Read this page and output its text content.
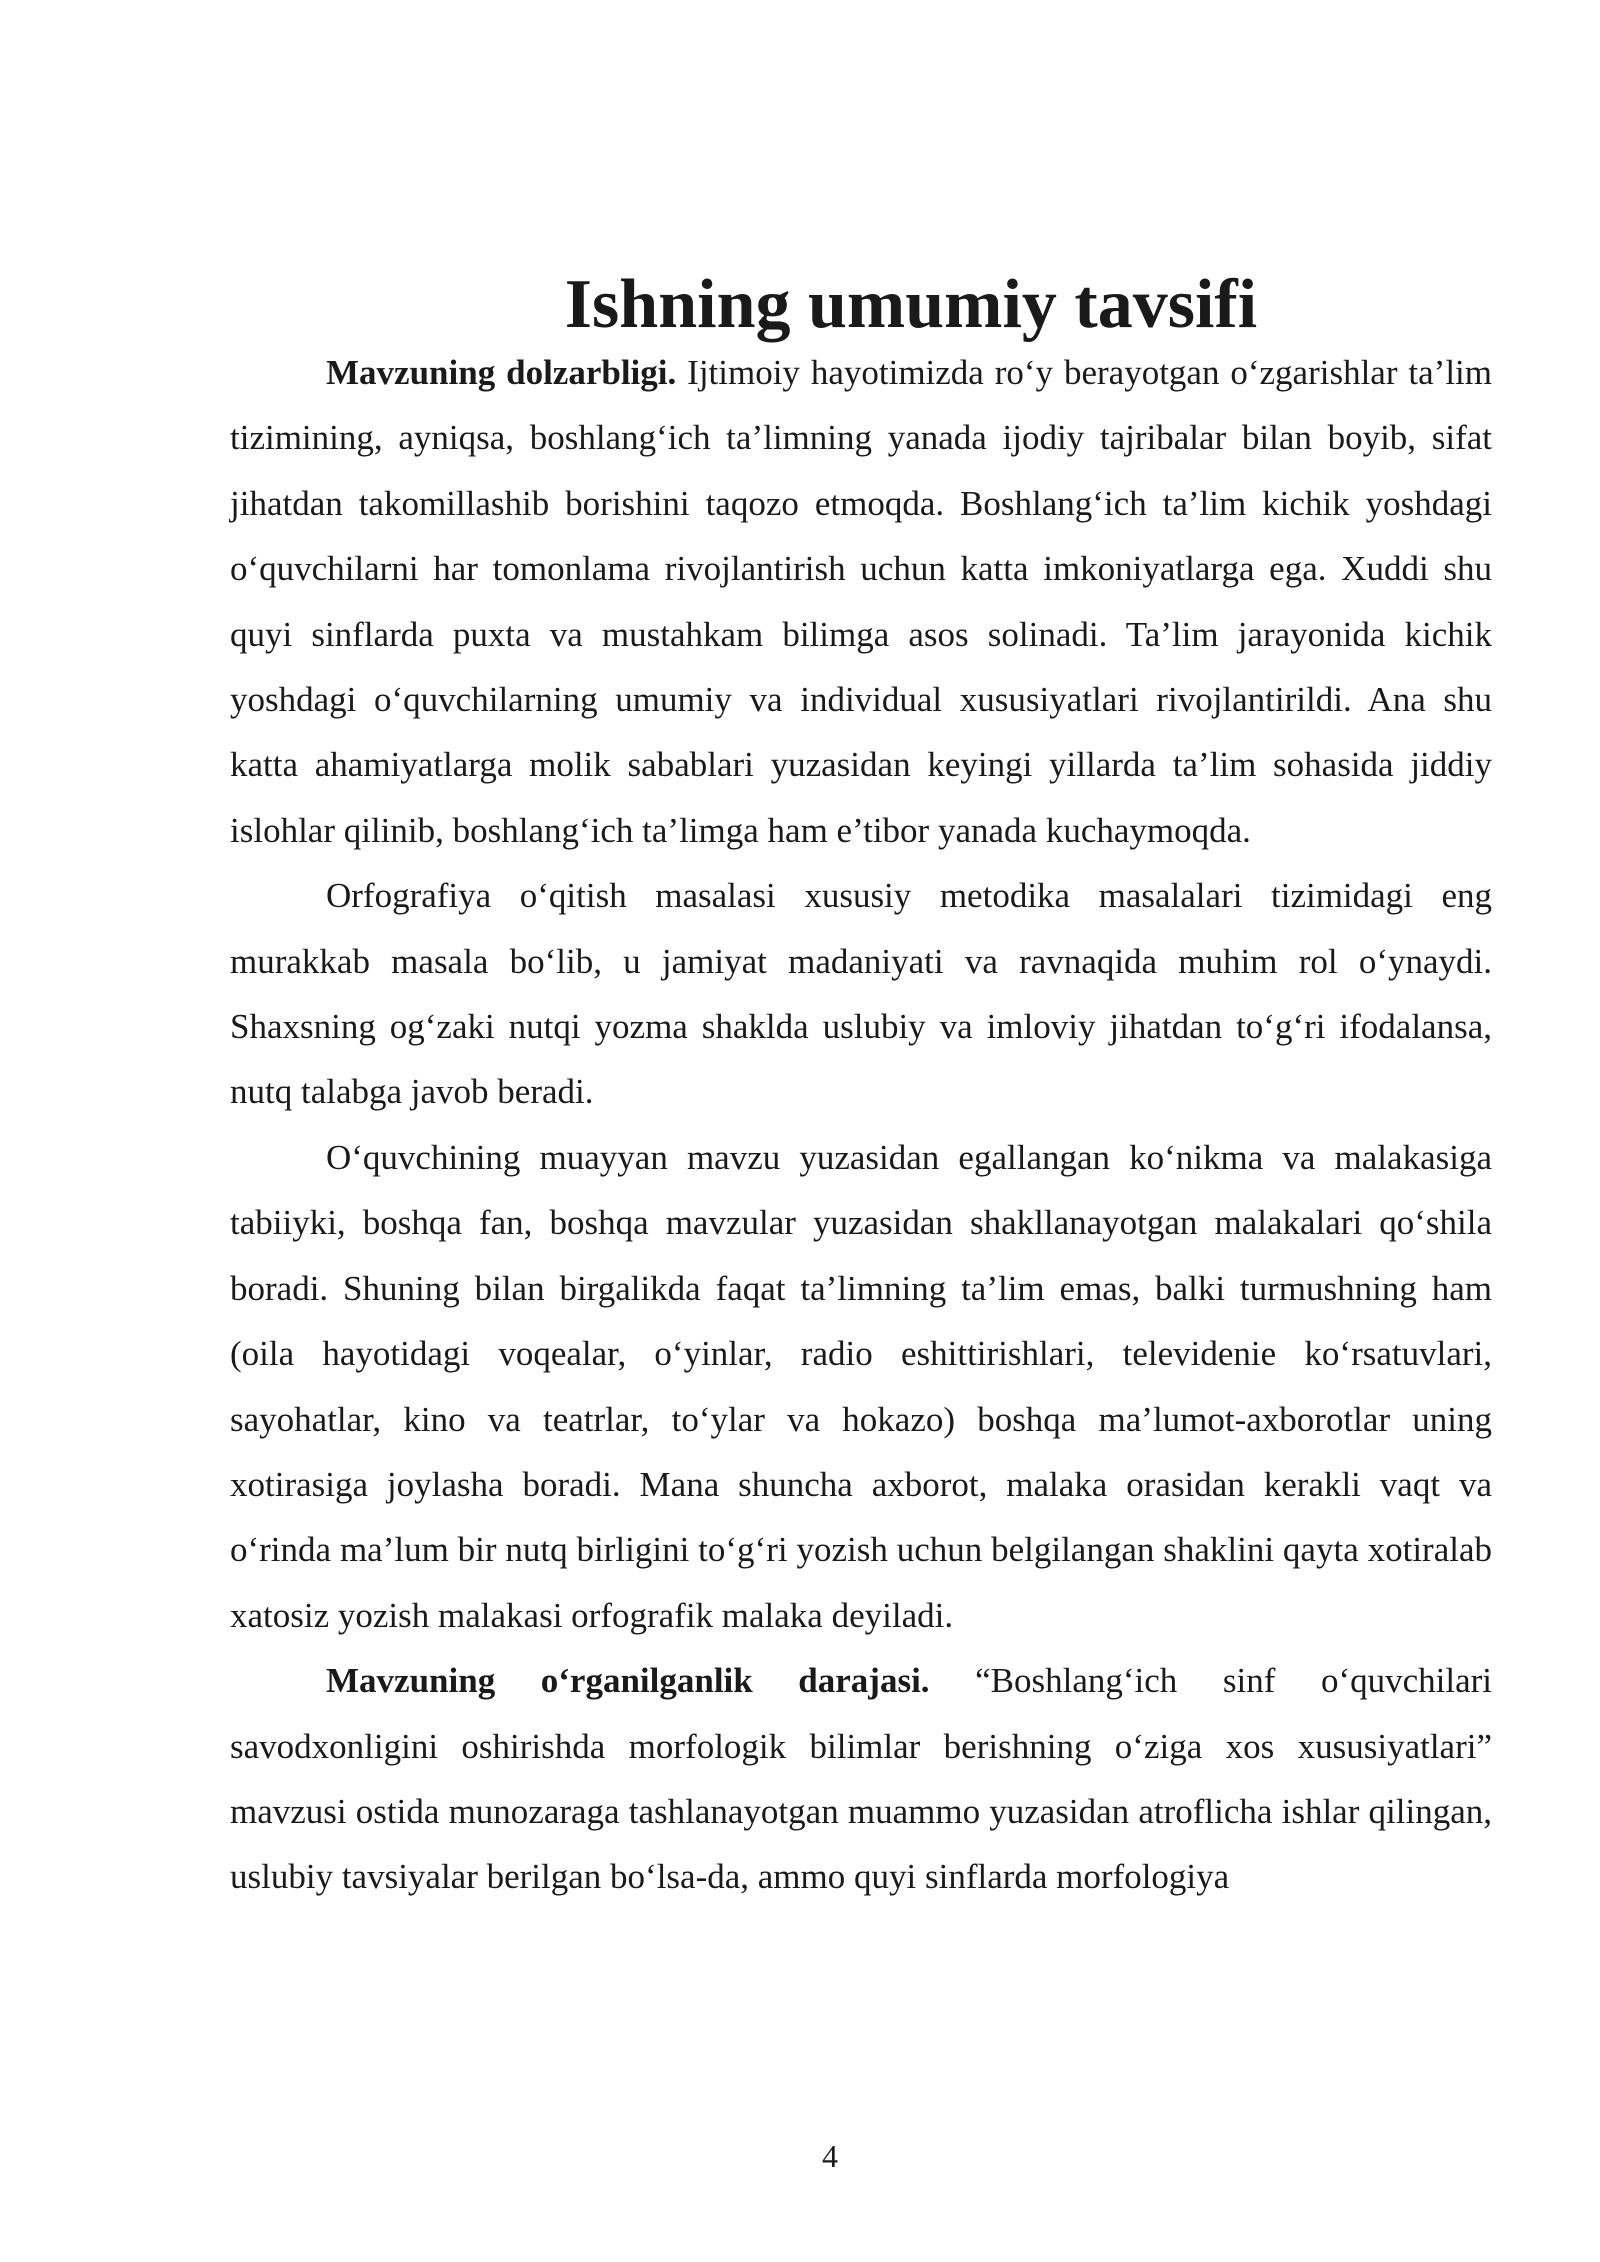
Ishning umumiy tavsifi

Mavzuning dolzarbligi. Ijtimoiy hayotimizda ro‘y berayotgan o‘zgarishlar ta’lim tizimining, ayniqsa, boshlang‘ich ta’limning yanada ijodiy tajribalar bilan boyib, sifat jihatdan takomillashib borishini taqozo etmoqda. Boshlang‘ich ta’lim kichik yoshdagi o‘quvchilarni har tomonlama rivojlantirish uchun katta imkoniyatlarga ega. Xuddi shu quyi sinflarda puxta va mustahkam bilimga asos solinadi. Ta’lim jarayonida kichik yoshdagi o‘quvchilarning umumiy va individual xususiyatlari rivojlantirildi. Ana shu katta ahamiyatlarga molik sabablari yuzasidan keyingi yillarda ta’lim sohasida jiddiy islohlar qilinib, boshlang‘ich ta’limga ham e’tibor yanada kuchaymoqda.

Orfografiya o‘qitish masalasi xususiy metodika masalalari tizimidagi eng murakkab masala bo‘lib, u jamiyat madaniyati va ravnaqida muhim rol o‘ynaydi. Shaxsning og‘zaki nutqi yozma shaklda uslubiy va imloviy jihatdan to‘g‘ri ifodalansa, nutq talabga javob beradi.

O‘quvchining muayyan mavzu yuzasidan egallangan ko‘nikma va malakasiga tabiiyki, boshqa fan, boshqa mavzular yuzasidan shakllanayotgan malakalari qo‘shila boradi. Shuning bilan birgalikda faqat ta’limning ta’lim emas, balki turmushning ham (oila hayotidagi voqealar, o‘yinlar, radio eshittirishlari, televidenie ko‘rsatuvlari, sayohatlar, kino va teatrlar, to‘ylar va hokazo) boshqa ma’lumot-axborotlar uning xotirasiga joylasha boradi. Mana shuncha axborot, malaka orasidan kerakli vaqt va o‘rinda ma’lum bir nutq birligini to‘g‘ri yozish uchun belgilangan shaklini qayta xotiralab xatosiz yozish malakasi orfografik malaka deyiladi.

Mavzuning o‘rganilganlik darajasi. “Boshlang‘ich sinf o‘quvchilari savodxonligini oshirishda morfologik bilimlar berishning o‘ziga xos xususiyatlari” mavzusi ostida munozaraga tashlanayotgan muammo yuzasidan atroflicha ishlar qilingan, uslubiy tavsiyalar berilgan bo‘lsa-da, ammo quyi sinflarda morfologiya

4
